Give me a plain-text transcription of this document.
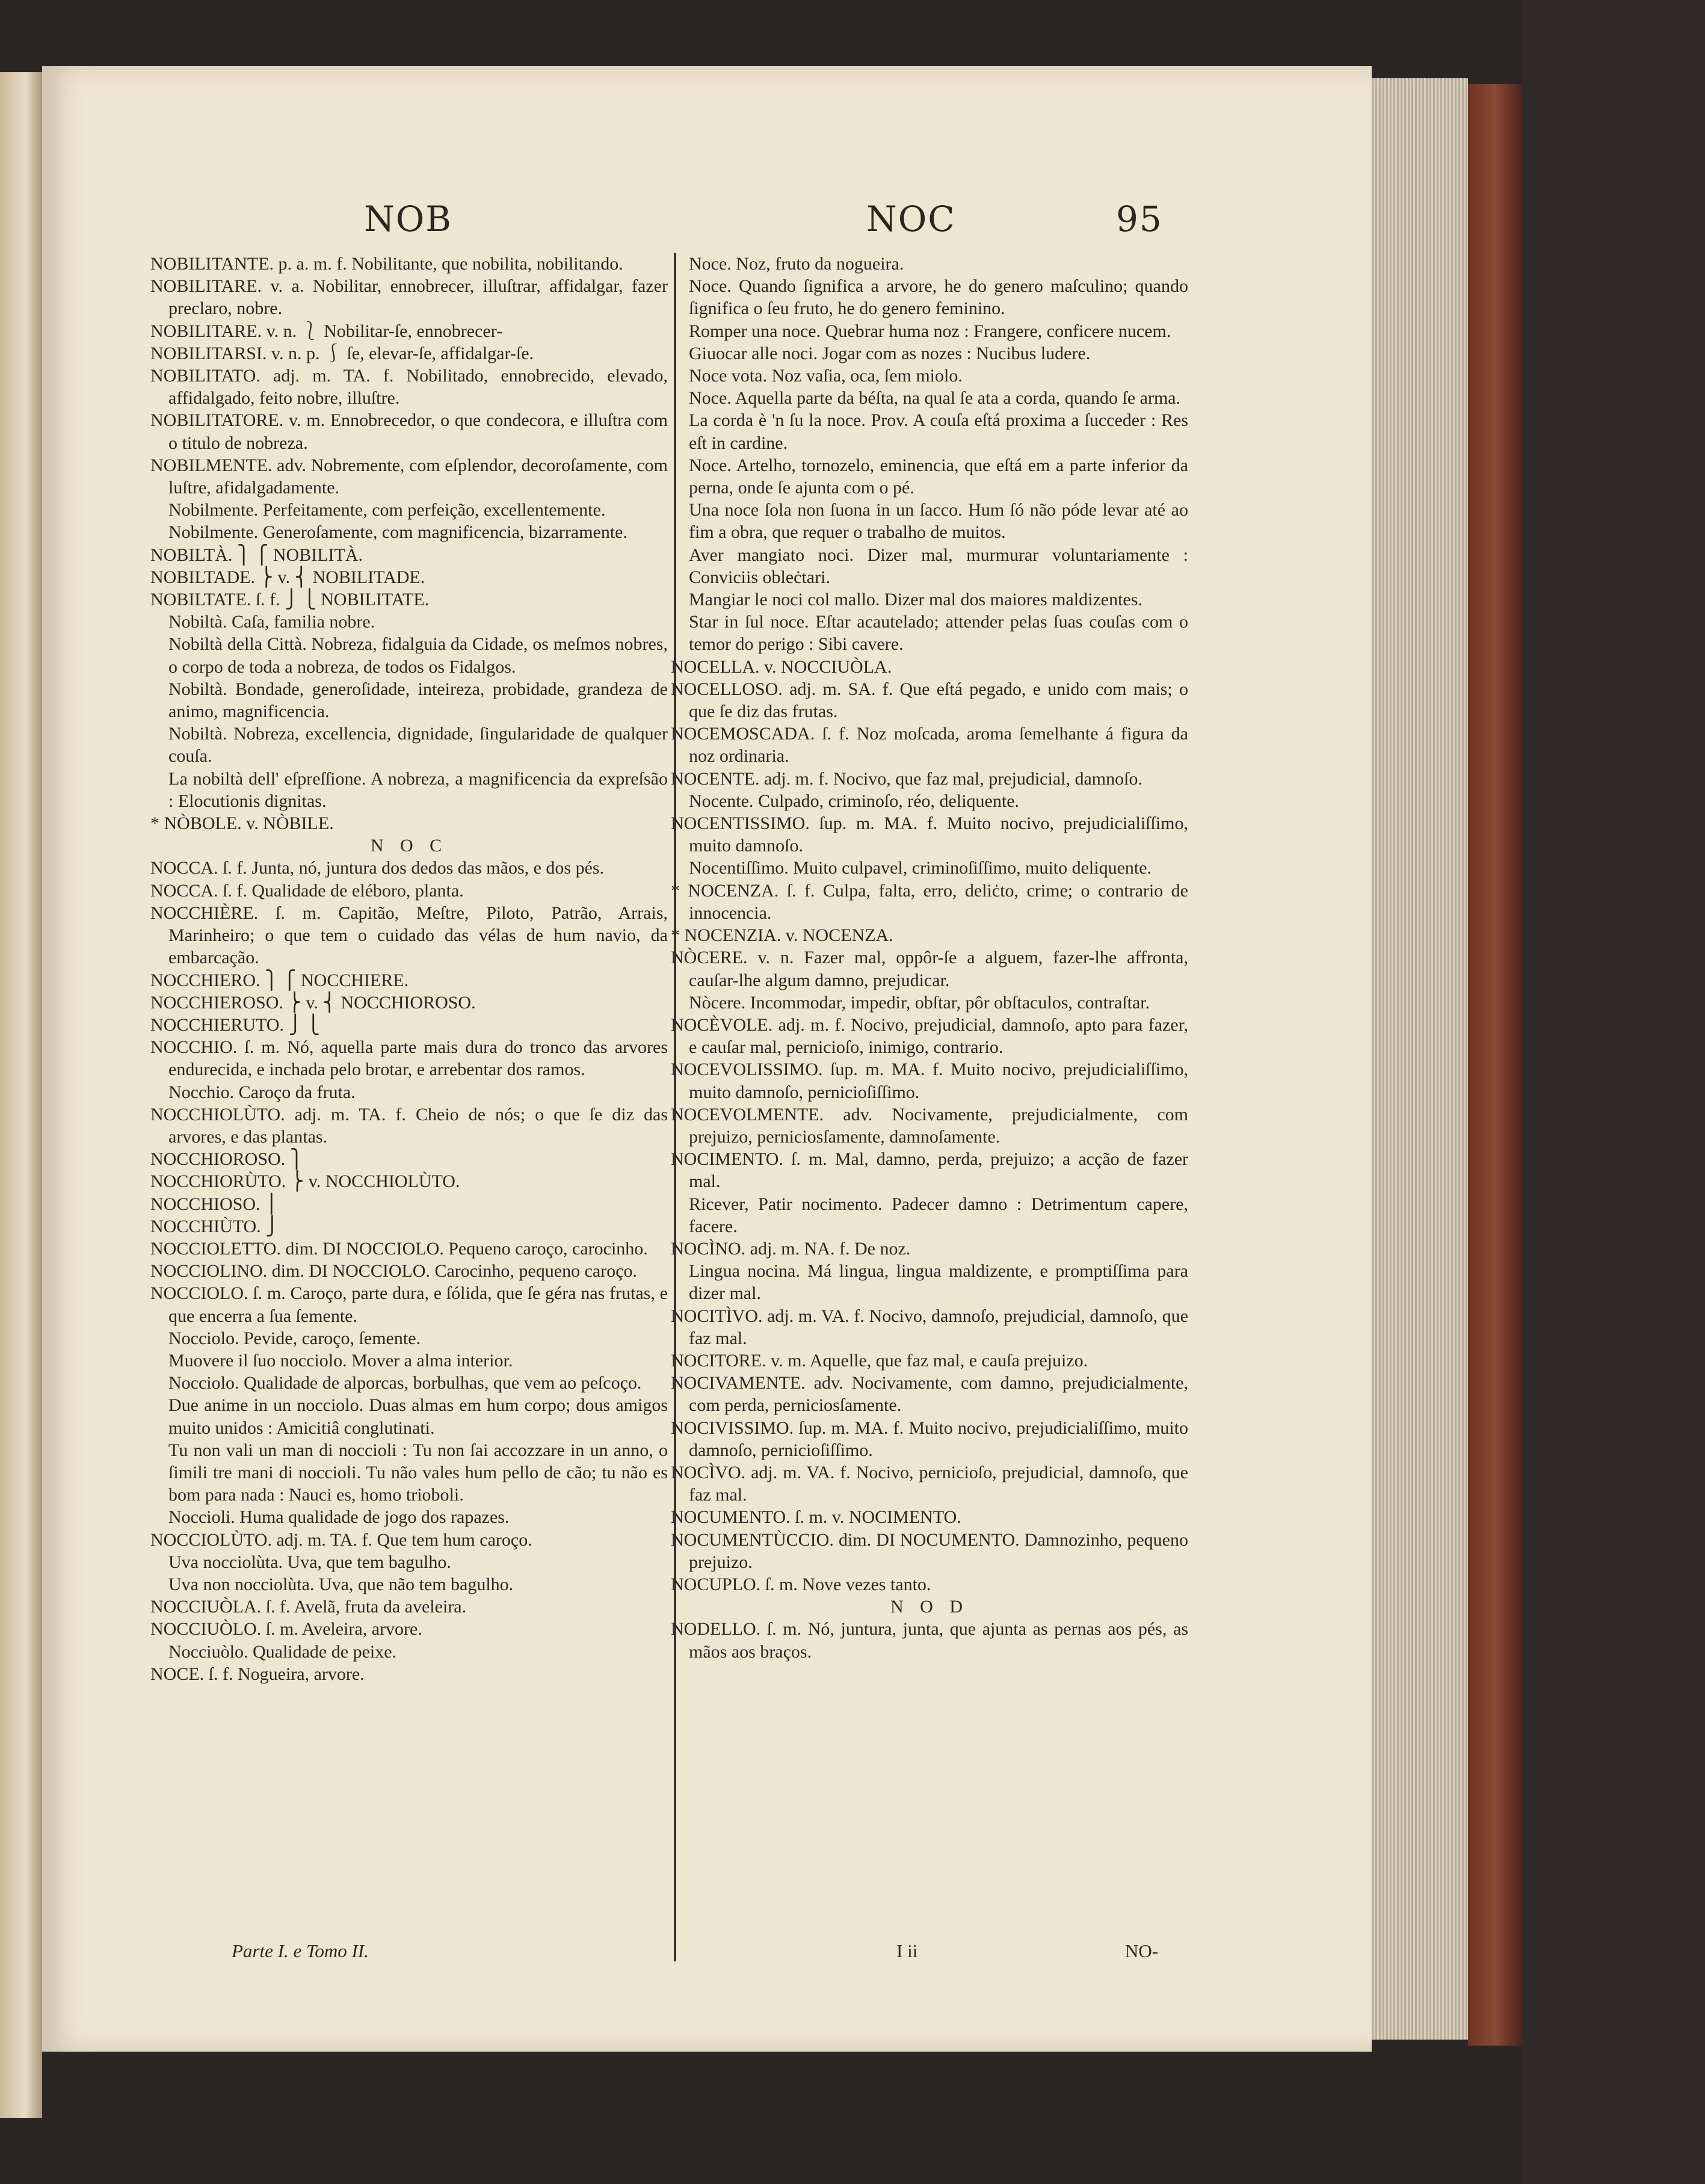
NOB	NOC	95

NOBILITANTE. p. a. m. f. Nobilitante, que nobilita, nobilitando.

NOBILITARE. v. a. Nobilitar, ennobrecer, illuſtrar, affidalgar, fazer preclaro, nobre.

NOBILITARE. v. n. ⎱ Nobilitar-ſe, ennobrecer-

NOBILITARSI. v. n. p. ⎰ ſe, elevar-ſe, affidalgar-ſe.

NOBILITATO. adj. m. TA. f. Nobilitado, ennobrecido, elevado, affidalgado, feito nobre, illuſtre.

NOBILITATORE. v. m. Ennobrecedor, o que condecora, e illuſtra com o titulo de nobreza.

NOBILMENTE. adv. Nobremente, com eſplendor, decoroſamente, com luſtre, afidalgadamente.

Nobilmente. Perfeitamente, com perfeição, excellentemente.

Nobilmente. Generoſamente, com magnificencia, bizarramente.

NOBILTÀ. ⎫ ⎧ NOBILITÀ.

NOBILTADE. ⎬ v. ⎨ NOBILITADE.

NOBILTATE. ſ. f. ⎭ ⎩ NOBILITATE.

Nobiltà. Caſa, familia nobre.

Nobiltà della Città. Nobreza, fidalguia da Cidade, os meſmos nobres, o corpo de toda a nobreza, de todos os Fidalgos.

Nobiltà. Bondade, generoſidade, inteireza, probidade, grandeza de animo, magnificencia.

Nobiltà. Nobreza, excellencia, dignidade, ſingularidade de qualquer couſa.

La nobiltà dell' eſpreſſione. A nobreza, a magnificencia da expreſsão : Elocutionis dignitas.

* NÒBOLE. v. NÒBILE.

N O C

NOCCA. ſ. f. Junta, nó, juntura dos dedos das mãos, e dos pés.

NOCCA. ſ. f. Qualidade de eléboro, planta.

NOCCHIÈRE. ſ. m. Capitão, Meſtre, Piloto, Patrão, Arrais, Marinheiro; o que tem o cuidado das vélas de hum navio, da embarcação.

NOCCHIERO. ⎫ ⎧ NOCCHIERE.

NOCCHIEROSO. ⎬ v. ⎨ NOCCHIOROSO.

NOCCHIERUTO. ⎭ ⎩

NOCCHIO. ſ. m. Nó, aquella parte mais dura do tronco das arvores endurecida, e inchada pelo brotar, e arrebentar dos ramos.

Nocchio. Caroço da fruta.

NOCCHIOLÙTO. adj. m. TA. f. Cheio de nós; o que ſe diz das arvores, e das plantas.

NOCCHIOROSO. ⎫

NOCCHIORÙTO. ⎬ v. NOCCHIOLÙTO.

NOCCHIOSO. ⎪

NOCCHIÙTO. ⎭

NOCCIOLETTO. dim. DI NOCCIOLO. Pequeno caroço, carocinho.

NOCCIOLINO. dim. DI NOCCIOLO. Carocinho, pequeno caroço.

NOCCIOLO. ſ. m. Caroço, parte dura, e ſólida, que ſe géra nas frutas, e que encerra a ſua ſemente.

Nocciolo. Pevide, caroço, ſemente.

Muovere il ſuo nocciolo. Mover a alma interior.

Nocciolo. Qualidade de alporcas, borbulhas, que vem ao peſcoço.

Due anime in un nocciolo. Duas almas em hum corpo; dous amigos muito unidos : Amicitiâ conglutinati.

Tu non vali un man di noccioli : Tu non ſai accozzare in un anno, o ſimili tre mani di noccioli. Tu não vales hum pello de cão; tu não es bom para nada : Nauci es, homo trioboli.

Noccioli. Huma qualidade de jogo dos rapazes.

NOCCIOLÙTO. adj. m. TA. f. Que tem hum caroço.

Uva nocciolùta. Uva, que tem bagulho.

Uva non nocciolùta. Uva, que não tem bagulho.

NOCCIUÒLA. ſ. f. Avelã, fruta da aveleira.

NOCCIUÒLO. ſ. m. Aveleira, arvore.

Nocciuòlo. Qualidade de peixe.

NOCE. ſ. f. Nogueira, arvore.

Noce. Noz, fruto da nogueira.

Noce. Quando ſignifica a arvore, he do genero maſculino; quando ſignifica o ſeu fruto, he do genero feminino.

Romper una noce. Quebrar huma noz : Frangere, conficere nucem.

Giuocar alle noci. Jogar com as nozes : Nucibus ludere.

Noce vota. Noz vaſia, oca, ſem miolo.

Noce. Aquella parte da béſta, na qual ſe ata a corda, quando ſe arma.

La corda è 'n ſu la noce. Prov. A couſa eſtá proxima a ſucceder : Res eſt in cardine.

Noce. Artelho, tornozelo, eminencia, que eſtá em a parte inferior da perna, onde ſe ajunta com o pé.

Una noce ſola non ſuona in un ſacco. Hum ſó não póde levar até ao fim a obra, que requer o trabalho de muitos.

Aver mangiato noci. Dizer mal, murmurar voluntariamente : Conviciis obleċtari.

Mangiar le noci col mallo. Dizer mal dos maiores maldizentes.

Star in ſul noce. Eſtar acautelado; attender pelas ſuas couſas com o temor do perigo : Sibi cavere.

NOCELLA. v. NOCCIUÒLA.

NOCELLOSO. adj. m. SA. f. Que eſtá pegado, e unido com mais; o que ſe diz das frutas.

NOCEMOSCADA. ſ. f. Noz moſcada, aroma ſemelhante á figura da noz ordinaria.

NOCENTE. adj. m. f. Nocivo, que faz mal, prejudicial, damnoſo.

Nocente. Culpado, criminoſo, réo, deliquente.

NOCENTISSIMO. ſup. m. MA. f. Muito nocivo, prejudicialiſſimo, muito damnoſo.

Nocentiſſimo. Muito culpavel, criminoſiſſimo, muito deliquente.

* NOCENZA. ſ. f. Culpa, falta, erro, deliċto, crime; o contrario de innocencia.

* NOCENZIA. v. NOCENZA.

NÒCERE. v. n. Fazer mal, oppôr-ſe a alguem, fazer-lhe affronta, cauſar-lhe algum damno, prejudicar.

Nòcere. Incommodar, impedir, obſtar, pôr obſtaculos, contraſtar.

NOCÈVOLE. adj. m. f. Nocivo, prejudicial, damnoſo, apto para fazer, e cauſar mal, pernicioſo, inimigo, contrario.

NOCEVOLISSIMO. ſup. m. MA. f. Muito nocivo, prejudicialiſſimo, muito damnoſo, pernicioſiſſimo.

NOCEVOLMENTE. adv. Nocivamente, prejudicialmente, com prejuizo, perniciosſamente, damnoſamente.

NOCIMENTO. ſ. m. Mal, damno, perda, prejuizo; a acção de fazer mal.

Ricever, Patir nocimento. Padecer damno : Detrimentum capere, facere.

NOCÌNO. adj. m. NA. f. De noz.

Lingua nocina. Má lingua, lingua maldizente, e promptiſſima para dizer mal.

NOCITÌVO. adj. m. VA. f. Nocivo, damnoſo, prejudicial, damnoſo, que faz mal.

NOCITORE. v. m. Aquelle, que faz mal, e cauſa prejuizo.

NOCIVAMENTE. adv. Nocivamente, com damno, prejudicialmente, com perda, perniciosſamente.

NOCIVISSIMO. ſup. m. MA. f. Muito nocivo, prejudicialiſſimo, muito damnoſo, pernicioſiſſimo.

NOCÌVO. adj. m. VA. f. Nocivo, pernicioſo, prejudicial, damnoſo, que faz mal.

NOCUMENTO. ſ. m. v. NOCIMENTO.

NOCUMENTÙCCIO. dim. DI NOCUMENTO. Damnozinho, pequeno prejuizo.

NOCUPLO. ſ. m. Nove vezes tanto.

N O D

NODELLO. ſ. m. Nó, juntura, junta, que ajunta as pernas aos pés, as mãos aos braços.

Parte I. e Tomo II.	I ii	NO-
